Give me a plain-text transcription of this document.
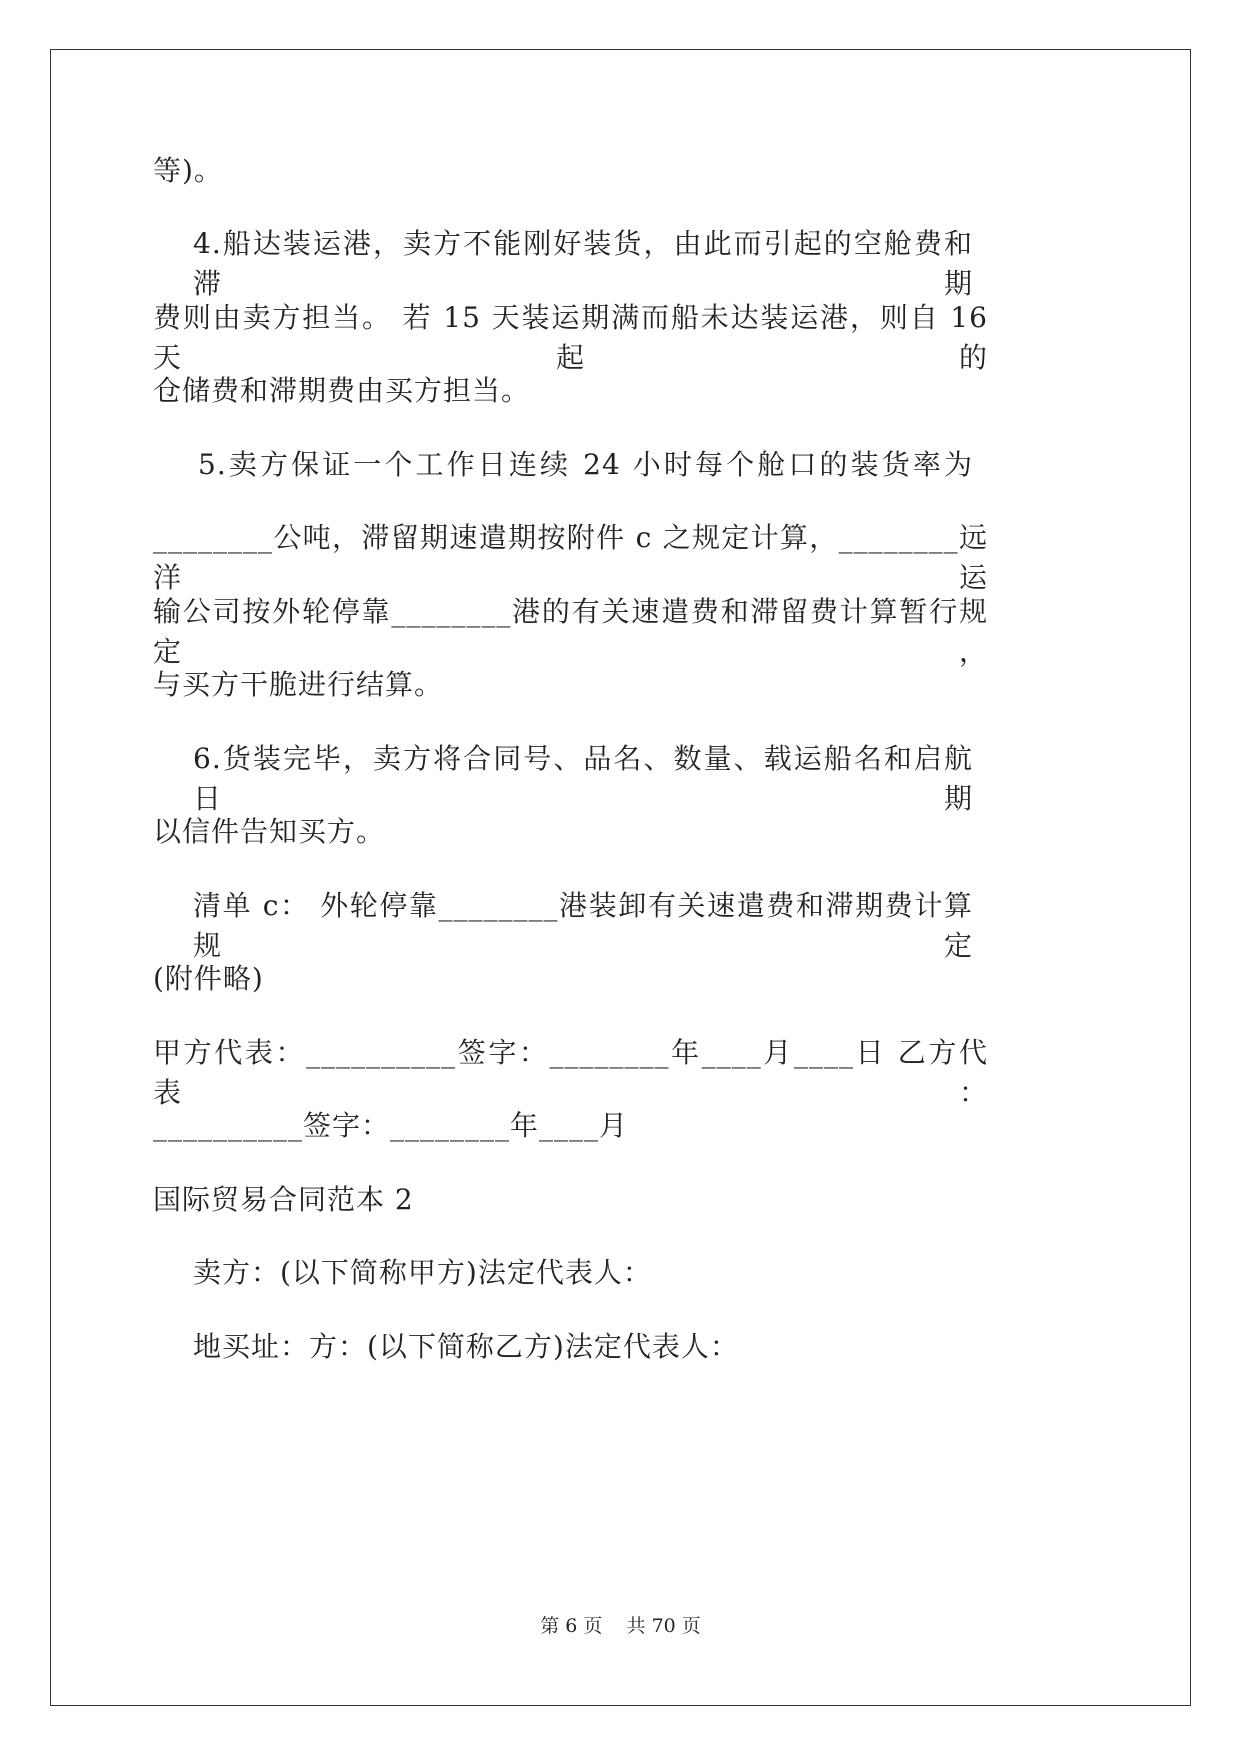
等)。
4.船达装运港，卖方不能刚好装货，由此而引起的空舱费和滞期
费则由卖方担当。 若 15 天装运期满而船未达装运港，则自 16 天起的
仓储费和滞期费由买方担当。
5.卖方保证一个工作日连续 24 小时每个舱口的装货率为
________公吨，滞留期速遣期按附件 c 之规定计算，________远洋运
输公司按外轮停靠________港的有关速遣费和滞留费计算暂行规定，
与买方干脆进行结算。
6.货装完毕，卖方将合同号、品名、数量、载运船名和启航日期
以信件告知买方。
清单 c： 外轮停靠________港装卸有关速遣费和滞期费计算规定
(附件略)
甲方代表：__________签字：________年____月____日 乙方代表：
__________签字：________年____月
国际贸易合同范本 2
卖方：(以下简称甲方)法定代表人：
地买址：方：(以下简称乙方)法定代表人：
第 6 页    共 70 页
